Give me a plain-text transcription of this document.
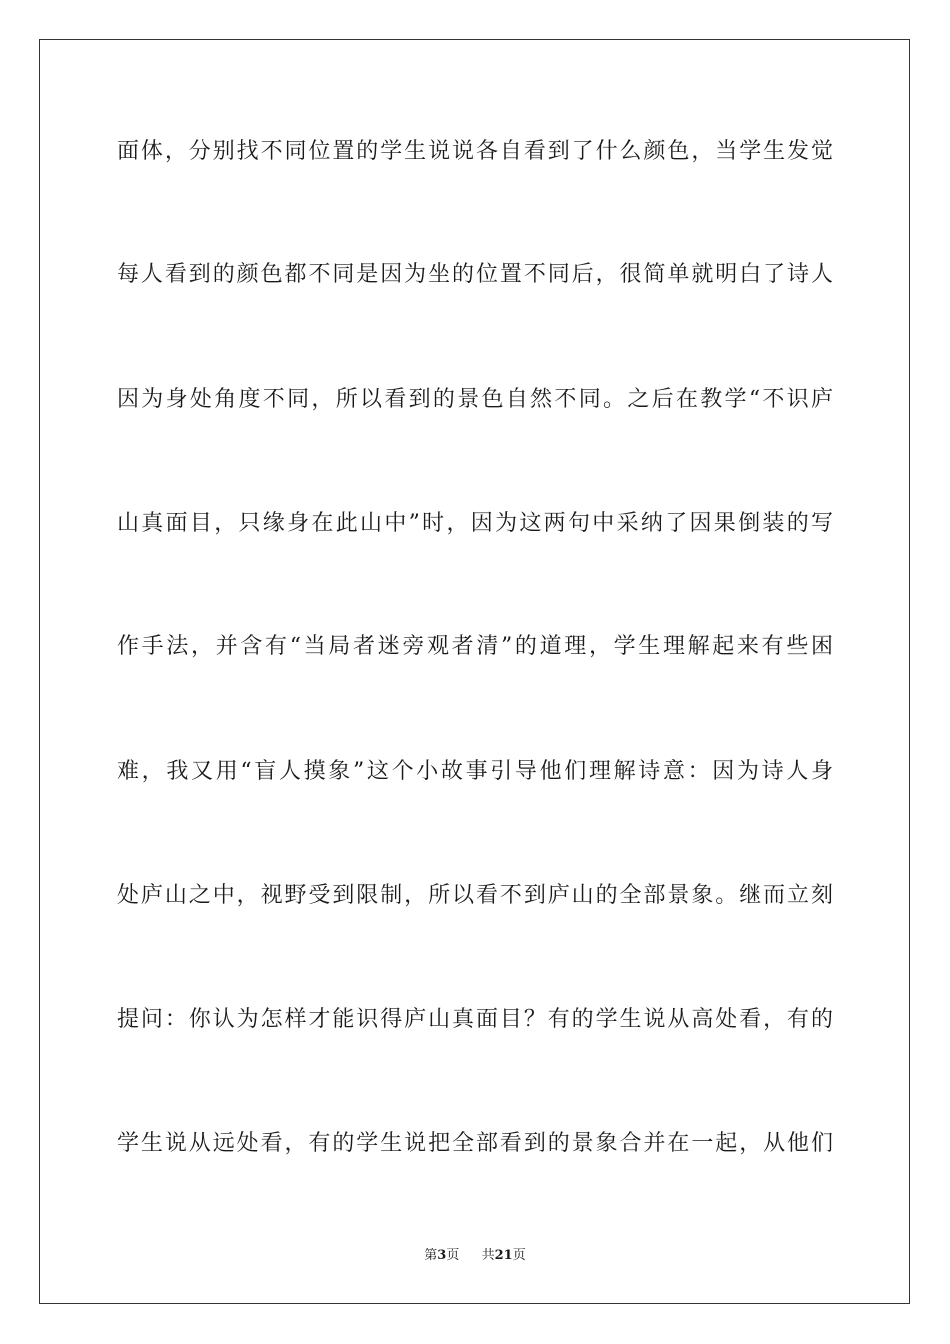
面体，分别找不同位置的学生说说各自看到了什么颜色，当学生发觉
每人看到的颜色都不同是因为坐的位置不同后，很简单就明白了诗人
因为身处角度不同，所以看到的景色自然不同。之后在教学“不识庐
山真面目，只缘身在此山中”时，因为这两句中采纳了因果倒装的写
作手法，并含有“当局者迷旁观者清”的道理，学生理解起来有些困
难，我又用“盲人摸象”这个小故事引导他们理解诗意：因为诗人身
处庐山之中，视野受到限制，所以看不到庐山的全部景象。继而立刻
提问：你认为怎样才能识得庐山真面目？有的学生说从高处看，有的
学生说从远处看，有的学生说把全部看到的景象合并在一起，从他们
第3页 共21页
